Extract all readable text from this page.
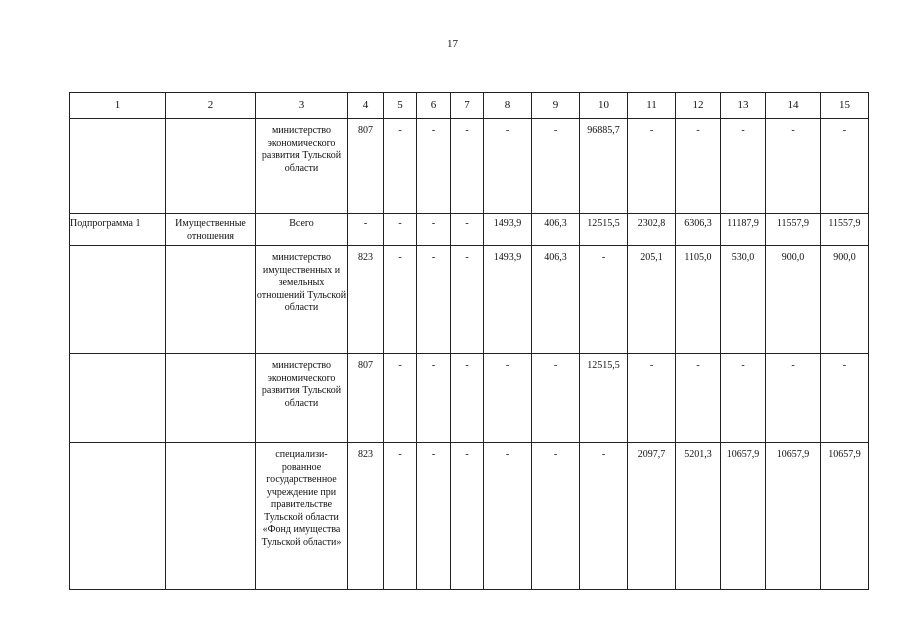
17
1	2	3	4	5	6	7	8	9	10	11	12	13	14	15
		министерство экономического развития Тульской области	807	-	-	-	-	-	96885,7	-	-	-	-	-
Подпрограмма 1	Имущественные отношения	Всего	-	-	-	-	1493,9	406,3	12515,5	2302,8	6306,3	11187,9	11557,9	11557,9
		министерство имущественных и земельных отношений Тульской области	823	-	-	-	1493,9	406,3	-	205,1	1105,0	530,0	900,0	900,0
		министерство экономического развития Тульской области	807	-	-	-	-	-	12515,5	-	-	-	-	-
		специализи-рованное государственное учреждение при правительстве Тульской области «Фонд имущества Тульской области»	823	-	-	-	-	-	-	2097,7	5201,3	10657,9	10657,9	10657,9
